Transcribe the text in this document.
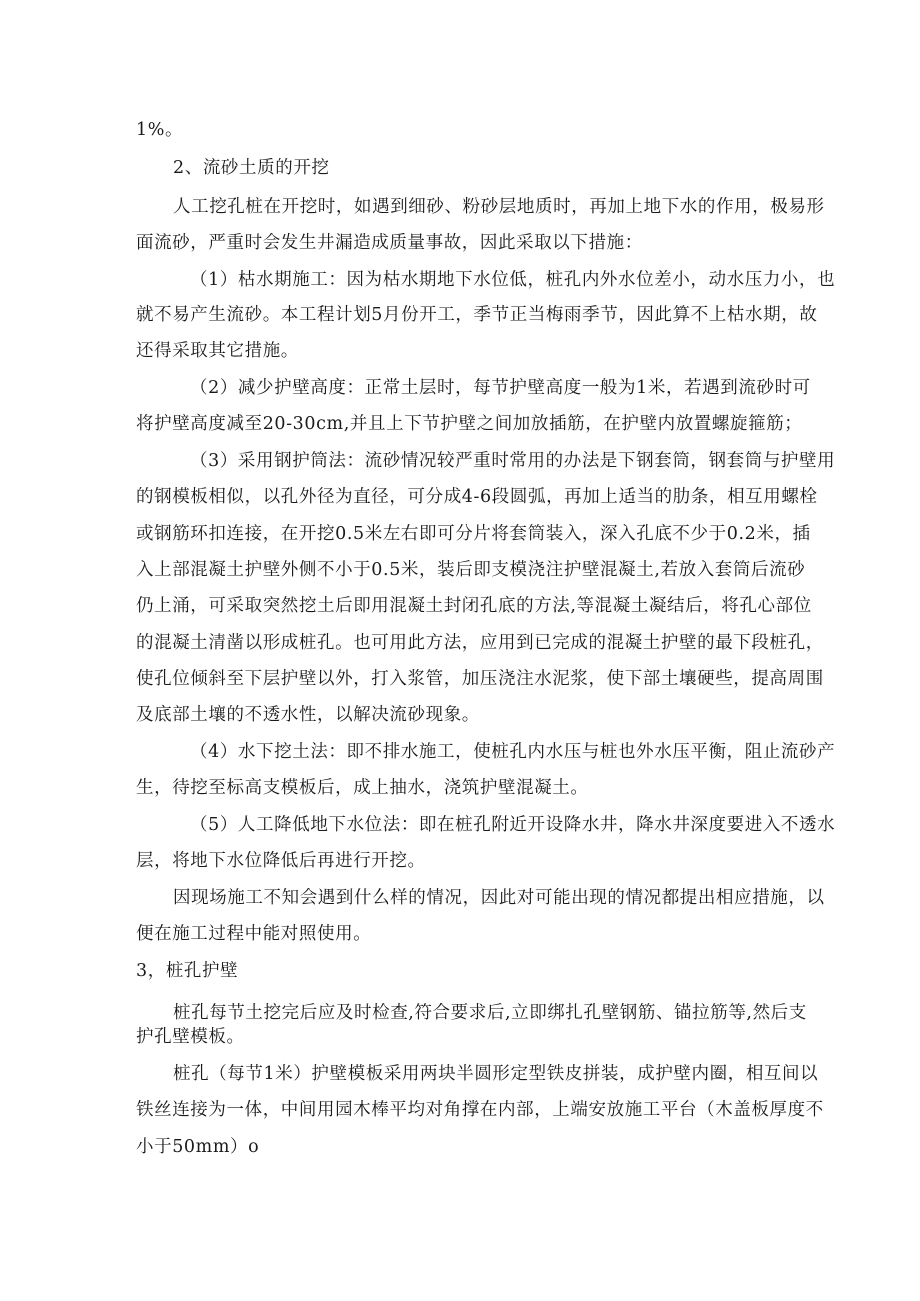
1%。
2、流砂土质的开挖
人工挖孔桩在开挖时，如遇到细砂、粉砂层地质时，再加上地下水的作用，极易形
面流砂，严重时会发生井漏造成质量事故，因此采取以下措施：
（1）枯水期施工：因为枯水期地下水位低，桩孔内外水位差小，动水压力小，也
就不易产生流砂。本工程计划5月份开工，季节正当梅雨季节，因此算不上枯水期，故
还得采取其它措施。
（2）减少护壁高度：正常土层时，每节护壁高度一般为1米，若遇到流砂时可
将护壁高度减至20-30cm,并且上下节护壁之间加放插筋，在护壁内放置螺旋箍筋；
（3）采用钢护筒法：流砂情况较严重时常用的办法是下钢套筒，钢套筒与护壁用
的钢模板相似，以孔外径为直径，可分成4-6段圆弧，再加上适当的肋条，相互用螺栓
或钢筋环扣连接，在开挖0.5米左右即可分片将套筒装入，深入孔底不少于0.2米，插
入上部混凝土护壁外侧不小于0.5米，装后即支模浇注护壁混凝土,若放入套筒后流砂
仍上涌，可采取突然挖土后即用混凝土封闭孔底的方法,等混凝土凝结后，将孔心部位
的混凝土清凿以形成桩孔。也可用此方法，应用到已完成的混凝土护壁的最下段桩孔，
使孔位倾斜至下层护壁以外，打入浆管，加压浇注水泥浆，使下部土壤硬些，提高周围
及底部土壤的不透水性，以解决流砂现象。
（4）水下挖土法：即不排水施工，使桩孔内水压与桩也外水压平衡，阻止流砂产
生，待挖至标高支模板后，成上抽水，浇筑护壁混凝土。
（5）人工降低地下水位法：即在桩孔附近开设降水井，降水井深度要进入不透水
层，将地下水位降低后再进行开挖。
因现场施工不知会遇到什么样的情况，因此对可能出现的情况都提出相应措施，以
便在施工过程中能对照使用。
3，桩孔护壁
桩孔每节土挖完后应及时检查,符合要求后,立即绑扎孔壁钢筋、锚拉筋等,然后支
护孔壁模板。
桩孔（每节1米）护壁模板采用两块半圆形定型铁皮拼装，成护壁内圈，相互间以
铁丝连接为一体，中间用园木棒平均对角撑在内部，上端安放施工平台（木盖板厚度不
小于50mm）o
